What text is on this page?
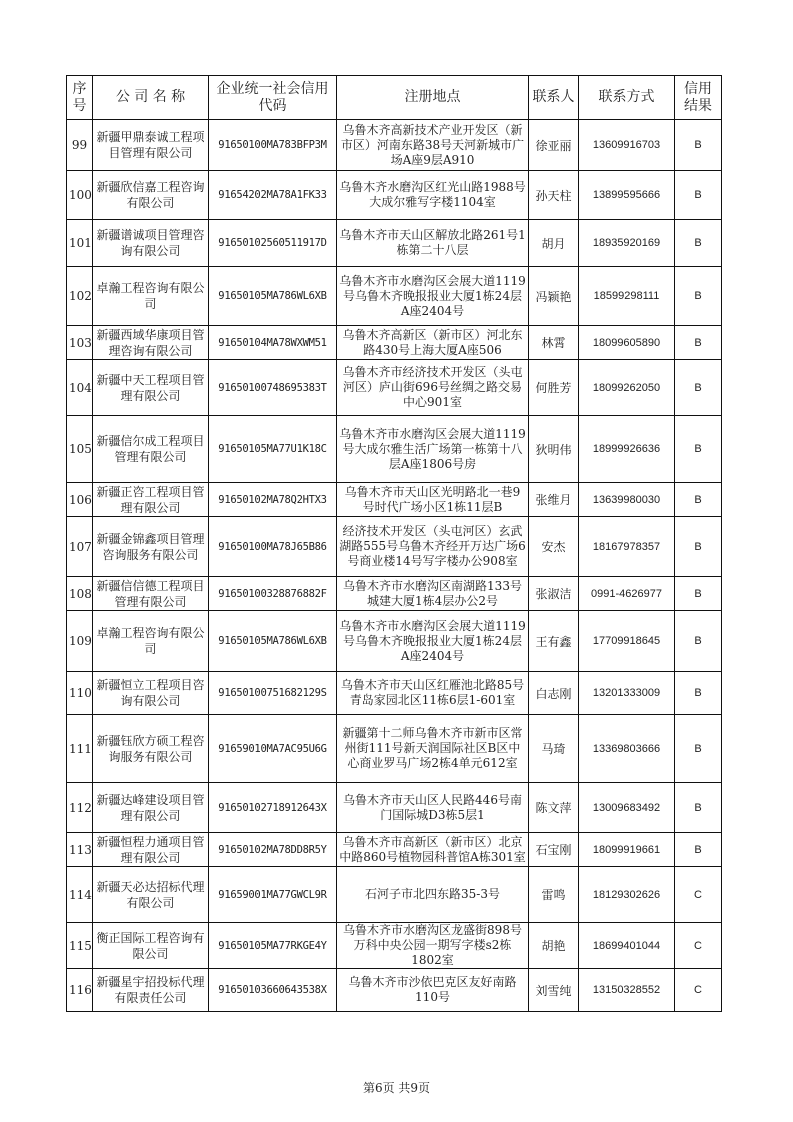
序号	公 司 名 称	企业统一社会信用代码	注册地点	联系人	联系方式	信用结果
99	新疆甲鼎泰诚工程项目管理有限公司	91650100MA783BFP3M	乌鲁木齐高新技术产业开发区（新市区）河南东路38号天河新城市广场A座9层A910	徐亚丽	13609916703	B
100	新疆欣信嘉工程咨询有限公司	91654202MA78A1FK33	乌鲁木齐水磨沟区红光山路1988号大成尔雅写字楼1104室	孙天柱	13899595666	B
101	新疆谱诚项目管理咨询有限公司	91650102560511917D	乌鲁木齐市天山区解放北路261号1栋第二十八层	胡月	18935920169	B
102	卓瀚工程咨询有限公司	91650105MA786WL6XB	乌鲁木齐市水磨沟区会展大道1119号乌鲁木齐晚报报业大厦1栋24层A座2404号	冯颖艳	18599298111	B
103	新疆西域华康项目管理咨询有限公司	91650104MA78WXWM51	乌鲁木齐高新区（新市区）河北东路430号上海大厦A座506	林霄	18099605890	B
104	新疆中天工程项目管理有限公司	91650100748695383T	乌鲁木齐市经济技术开发区（头屯河区）庐山街696号丝绸之路交易中心901室	何胜芳	18099262050	B
105	新疆信尔成工程项目管理有限公司	91650105MA77U1K18C	乌鲁木齐市水磨沟区会展大道1119号大成尔雅生活广场第一栋第十八层A座1806号房	狄明伟	18999926636	B
106	新疆正咨工程项目管理有限公司	91650102MA78Q2HTX3	乌鲁木齐市天山区光明路北一巷9号时代广场小区1栋11层B	张维月	13639980030	B
107	新疆金锦鑫项目管理咨询服务有限公司	91650100MA78J65B86	经济技术开发区（头屯河区）玄武湖路555号乌鲁木齐经开万达广场6号商业楼14号写字楼办公908室	安杰	18167978357	B
108	新疆信信德工程项目管理有限公司	91650100328876882F	乌鲁木齐市水磨沟区南湖路133号城建大厦1栋4层办公2号	张淑洁	0991-4626977	B
109	卓瀚工程咨询有限公司	91650105MA786WL6XB	乌鲁木齐市水磨沟区会展大道1119号乌鲁木齐晚报报业大厦1栋24层A座2404号	王有鑫	17709918645	B
110	新疆恒立工程项目咨询有限公司	91650100751682129S	乌鲁木齐市天山区红雁池北路85号青岛家园北区11栋6层1-601室	白志刚	13201333009	B
111	新疆钰欣方硕工程咨询服务有限公司	91659010MA7AC95U6G	新疆第十二师乌鲁木齐市新市区常州街111号新天润国际社区B区中心商业罗马广场2栋4单元612室	马琦	13369803666	B
112	新疆达峰建设项目管理有限公司	91650102718912643X	乌鲁木齐市天山区人民路446号南门国际城D3栋5层1	陈文萍	13009683492	B
113	新疆恒程力通项目管理有限公司	91650102MA78DD8R5Y	乌鲁木齐市高新区（新市区）北京中路860号植物园科普馆A栋301室	石宝刚	18099919661	B
114	新疆天必达招标代理有限公司	91659001MA77GWCL9R	石河子市北四东路35-3号	雷鸣	18129302626	C
115	衡正国际工程咨询有限公司	91650105MA77RKGE4Y	乌鲁木齐市水磨沟区龙盛街898号万科中央公园一期写字楼s2栋1802室	胡艳	18699401044	C
116	新疆星宇招投标代理有限责任公司	91650103660643538X	乌鲁木齐市沙依巴克区友好南路110号	刘雪纯	13150328552	C
第6页 共9页
